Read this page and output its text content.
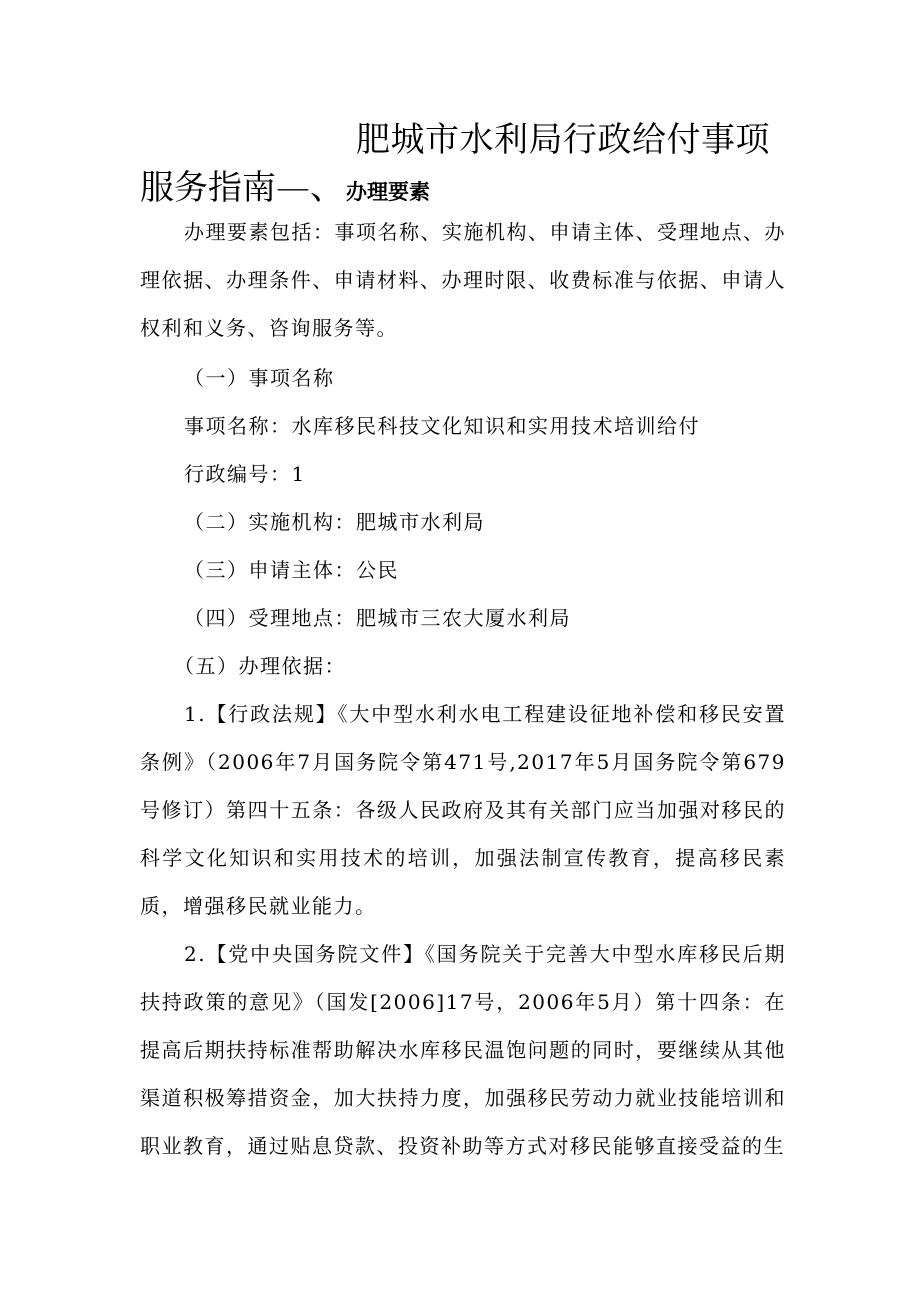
肥城市水利局行政给付事项
服务指南—、办理要素
办理要素包括：事项名称、实施机构、申请主体、受理地点、办理依据、办理条件、申请材料、办理时限、收费标准与依据、申请人权利和义务、咨询服务等。
（一）事项名称
事项名称：水库移民科技文化知识和实用技术培训给付
行政编号：1
（二）实施机构：肥城市水利局
（三）申请主体：公民
（四）受理地点：肥城市三农大厦水利局
（五）办理依据：
1.【行政法规】《大中型水利水电工程建设征地补偿和移民安置条例》（2006年7月国务院令第471号,2017年5月国务院令第679号修订）第四十五条：各级人民政府及其有关部门应当加强对移民的科学文化知识和实用技术的培训，加强法制宣传教育，提高移民素质，增强移民就业能力。
2.【党中央国务院文件】《国务院关于完善大中型水库移民后期扶持政策的意见》（国发[2006]17号，2006年5月）第十四条：在提高后期扶持标准帮助解决水库移民温饱问题的同时，要继续从其他渠道积极筹措资金，加大扶持力度，加强移民劳动力就业技能培训和职业教育，通过贴息贷款、投资补助等方式对移民能够直接受益的生
